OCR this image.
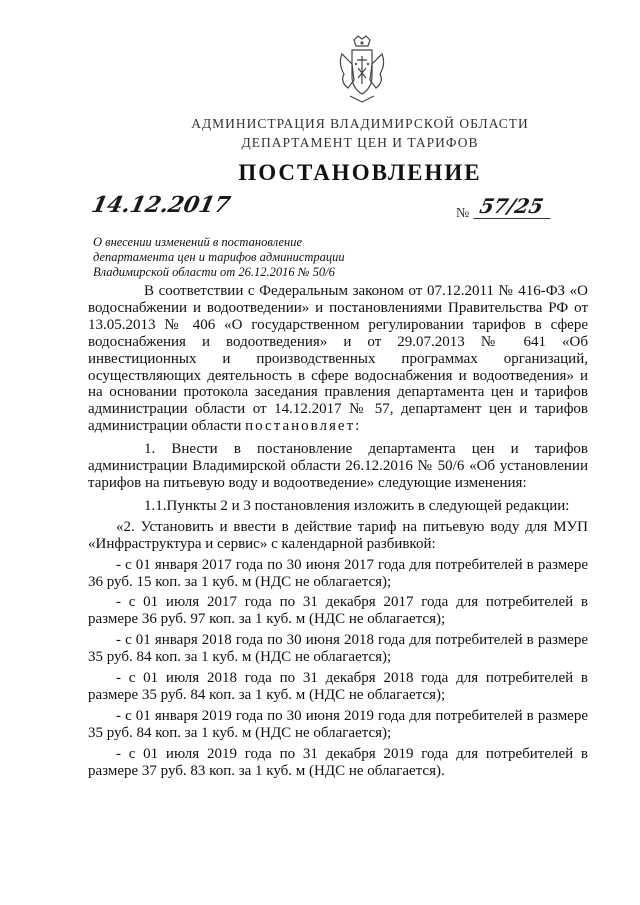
АДМИНИСТРАЦИЯ ВЛАДИМИРСКОЙ ОБЛАСТИ
ДЕПАРТАМЕНТ ЦЕН И ТАРИФОВ
ПОСТАНОВЛЕНИЕ
14.12.2017	№ 57/25
О внесении изменений в постановление
департамента цен и тарифов администрации
Владимирской области от 26.12.2016 № 50/6

В соответствии с Федеральным законом от 07.12.2011 № 416-ФЗ «О водоснабжении и водоотведении» и постановлениями Правительства РФ от 13.05.2013 № 406 «О государственном регулировании тарифов в сфере водоснабжения и водоотведения» и от 29.07.2013 № 641 «Об инвестиционных и производственных программах организаций, осуществляющих деятельность в сфере водоснабжения и водоотведения» и на основании протокола заседания правления департамента цен и тарифов администрации области от 14.12.2017 № 57, департамент цен и тарифов администрации области постановляет:

1. Внести в постановление департамента цен и тарифов администрации Владимирской области 26.12.2016 № 50/6 «Об установлении тарифов на питьевую воду и водоотведение» следующие изменения:

1.1.Пункты 2 и 3 постановления изложить в следующей редакции:

«2. Установить и ввести в действие тариф на питьевую воду для МУП «Инфраструктура и сервис» с календарной разбивкой:

- с 01 января 2017 года по 30 июня 2017 года для потребителей в размере 36 руб. 15 коп. за 1 куб. м (НДС не облагается);

- с 01 июля 2017 года по 31 декабря 2017 года для потребителей в размере 36 руб. 97 коп. за 1 куб. м (НДС не облагается);

- с 01 января 2018 года по 30 июня 2018 года для потребителей в размере 35 руб. 84 коп. за 1 куб. м (НДС не облагается);

- с 01 июля 2018 года по 31 декабря 2018 года для потребителей в размере 35 руб. 84 коп. за 1 куб. м (НДС не облагается);

- с 01 января 2019 года по 30 июня 2019 года для потребителей в размере 35 руб. 84 коп. за 1 куб. м (НДС не облагается);

- с 01 июля 2019 года по 31 декабря 2019 года для потребителей в размере 37 руб. 83 коп. за 1 куб. м (НДС не облагается).
